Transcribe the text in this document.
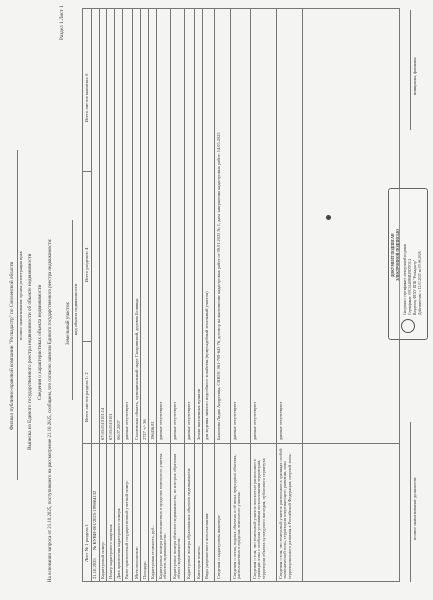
Филиал публично-правовой компании "Роскадастр" по Смоленской области полное наименование органа регистрации прав Выписка из Единого государственного реестра недвижимости об объекте недвижимости Сведения о характеристиках объекта недвижимости На основании запроса от 21.10.2025, поступившего на рассмотрение 21.10.2025, сообщаем, что согласно записям Единого государственного реестра недвижимости:
Раздел 1 Лист 1
Земельный участок вид объекта недвижимости
Лист № 1 раздела 1
Всего листов раздела 1: 2
Всего разделов: 4
Всего листов выписки: 6
21.10.2025
№ КУВИ-001/2025-199884132
Кадастровый номер:
67:03:0510101:14
Номер кадастрового квартала:
67:03:0510101
Дата присвоения кадастрового номера:
06.07.2007
Ранее присвоенный государственный учетный номер:
данные отсутствуют
Местоположение:
Смоленская область, муниципальный округ Гагаринский, деревня Беливцы
Площадь:
2727 +/- 36
Кадастровая стоимость, руб.:
196436.81
Кадастровые номера расположенных в пределах земельного участка объектов недвижимости:
данные отсутствуют
Кадастровые номера объектов недвижимости, из которых образован объект недвижимости:
данные отсутствуют
Кадастровые номера образованных объектов недвижимости:
данные отсутствуют
Категория земель:
Земли населенных пунктов
Виды разрешенного использования:
для ведения личного подсобного хозяйства (приусадебный земельный участок)
Сведения о кадастровом инженере:
Баженова Лидия Андреевна, СНИЛС 061-709-643 76, договор на выполнение кадастровых работ от 09.01.2025 № 1, дата завершения кадастровых работ: 14.05.2025
Сведения о лесах, водных объектах и об иных природных объектах, расположенных в пределах земельного участка:
данные отсутствуют
Сведения о том, что земельный участок полностью расположен в границах зоны с особыми условиями использования территории, территории объекта культурного наследия, публичного сервитута:
данные отсутствуют
Сведения о том, что земельный участок расположен в границах особой экономической зоны, территории опережающего развития, зоны территориального развития в Российской Федерации, игорной зоны:
данные отсутствуют
полное наименование должности
инициалы, фамилия
ДОКУМЕНТ ПОДПИСАН ЭЛЕКТРОННОЙ ПОДПИСЬЮ Сведения о сертификате электронной подписи Сертификат: 00C1A4F86B29D7F3C4 Владелец: ФГБУ ППК "Роскадастр" Действителен: с 12.03.2025 по 05.06.2026
